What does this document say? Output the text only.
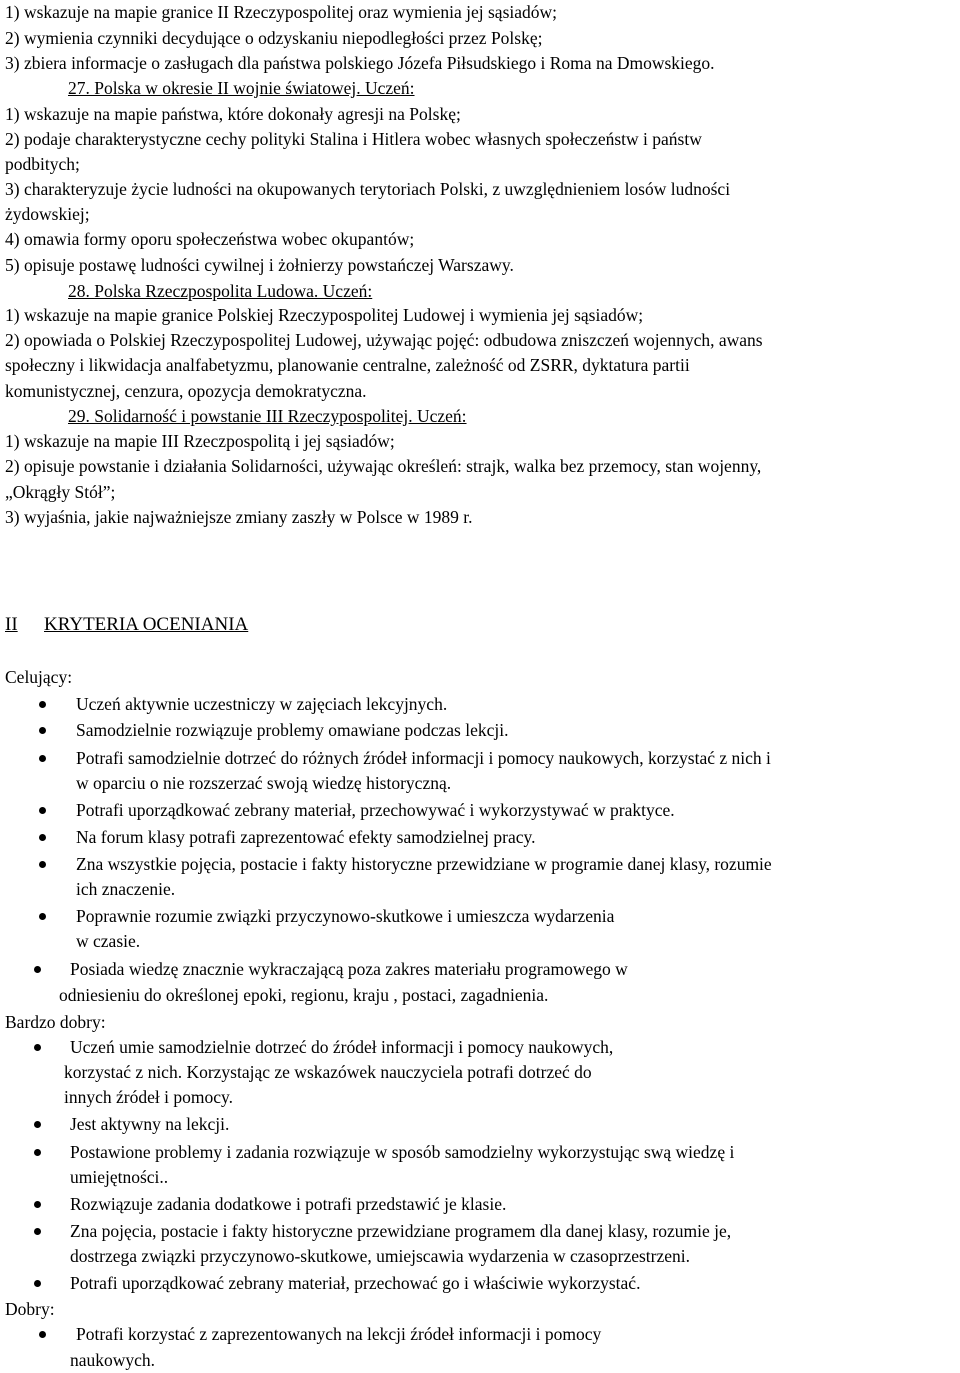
1) wskazuje na mapie granice II Rzeczypospolitej oraz wymienia jej sąsiadów;
2) wymienia czynniki decydujące o odzyskaniu niepodległości przez Polskę;
3) zbiera informacje o zasługach dla państwa polskiego Józefa Piłsudskiego i Roma na Dmowskiego.
27. Polska w okresie II wojnie światowej. Uczeń:
1) wskazuje na mapie państwa, które dokonały agresji na Polskę;
2) podaje charakterystyczne cechy polityki Stalina i Hitlera wobec własnych społeczeństw i państw
podbitych;
3) charakteryzuje życie ludności na okupowanych terytoriach Polski, z uwzględnieniem losów ludności
żydowskiej;
4) omawia formy oporu społeczeństwa wobec okupantów;
5) opisuje postawę ludności cywilnej i żołnierzy powstańczej Warszawy.
28. Polska Rzeczpospolita Ludowa. Uczeń:
1) wskazuje na mapie granice Polskiej Rzeczypospolitej Ludowej i wymienia jej sąsiadów;
2) opowiada o Polskiej Rzeczypospolitej Ludowej, używając pojęć: odbudowa zniszczeń wojennych, awans
społeczny i likwidacja analfabetyzmu, planowanie centralne, zależność od ZSRR, dyktatura partii
komunistycznej, cenzura, opozycja demokratyczna.
29. Solidarność i powstanie III Rzeczypospolitej. Uczeń:
1) wskazuje na mapie III Rzeczpospolitą i jej sąsiadów;
2) opisuje powstanie i działania Solidarności, używając określeń: strajk, walka bez przemocy, stan wojenny,
„Okrągły Stół”;
3) wyjaśnia, jakie najważniejsze zmiany zaszły w Polsce w 1989 r.
II KRYTERIA OCENIANIA
Celujący:
Uczeń aktywnie uczestniczy w zajęciach lekcyjnych.
Samodzielnie rozwiązuje problemy omawiane podczas lekcji.
Potrafi samodzielnie dotrzeć do różnych źródeł informacji i pomocy naukowych, korzystać z nich i
w oparciu o nie rozszerzać swoją wiedzę historyczną.
Potrafi uporządkować zebrany materiał, przechowywać i wykorzystywać w praktyce.
Na forum klasy potrafi zaprezentować efekty samodzielnej pracy.
Zna wszystkie pojęcia, postacie i fakty historyczne przewidziane w programie danej klasy, rozumie
ich znaczenie.
Poprawnie rozumie związki przyczynowo-skutkowe i umieszcza wydarzenia
w czasie.
Posiada wiedzę znacznie wykraczającą poza zakres materiału programowego w
odniesieniu do określonej epoki, regionu, kraju , postaci, zagadnienia.
Bardzo dobry:
Uczeń umie samodzielnie dotrzeć do źródeł informacji i pomocy naukowych,
korzystać z nich. Korzystając ze wskazówek nauczyciela potrafi dotrzeć do
innych źródeł i pomocy.
Jest aktywny na lekcji.
Postawione problemy i zadania rozwiązuje w sposób samodzielny wykorzystując swą wiedzę i
umiejętności..
Rozwiązuje zadania dodatkowe i potrafi przedstawić je klasie.
Zna pojęcia, postacie i fakty historyczne przewidziane programem dla danej klasy, rozumie je,
dostrzega związki przyczynowo-skutkowe, umiejscawia wydarzenia w czasoprzestrzeni.
Potrafi uporządkować zebrany materiał, przechować go i właściwie wykorzystać.
Dobry:
Potrafi korzystać z zaprezentowanych na lekcji źródeł informacji i pomocy
naukowych.
